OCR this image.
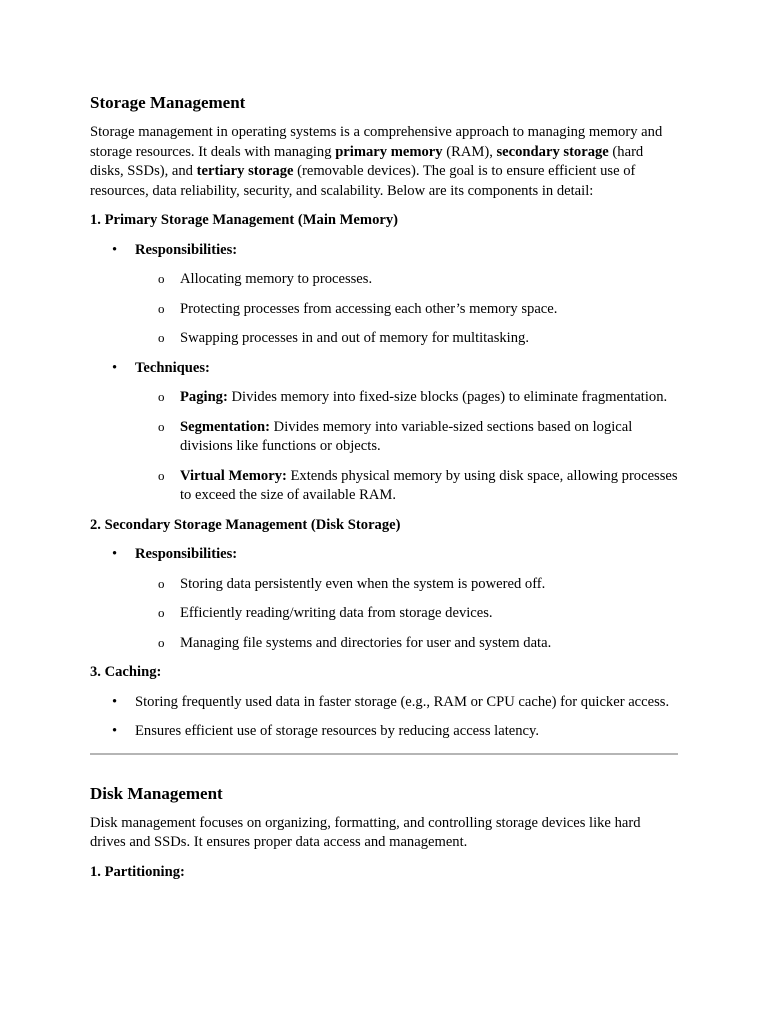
Storage Management

Storage management in operating systems is a comprehensive approach to managing memory and storage resources. It deals with managing primary memory (RAM), secondary storage (hard disks, SSDs), and tertiary storage (removable devices). The goal is to ensure efficient use of resources, data reliability, security, and scalability. Below are its components in detail:

1. Primary Storage Management (Main Memory)

• Responsibilities:
o Allocating memory to processes.
o Protecting processes from accessing each other’s memory space.
o Swapping processes in and out of memory for multitasking.
• Techniques:
o Paging: Divides memory into fixed-size blocks (pages) to eliminate fragmentation.
o Segmentation: Divides memory into variable-sized sections based on logical divisions like functions or objects.
o Virtual Memory: Extends physical memory by using disk space, allowing processes to exceed the size of available RAM.

2. Secondary Storage Management (Disk Storage)

• Responsibilities:
o Storing data persistently even when the system is powered off.
o Efficiently reading/writing data from storage devices.
o Managing file systems and directories for user and system data.

3. Caching:

• Storing frequently used data in faster storage (e.g., RAM or CPU cache) for quicker access.
• Ensures efficient use of storage resources by reducing access latency.
Disk Management

Disk management focuses on organizing, formatting, and controlling storage devices like hard drives and SSDs. It ensures proper data access and management.

1. Partitioning:
